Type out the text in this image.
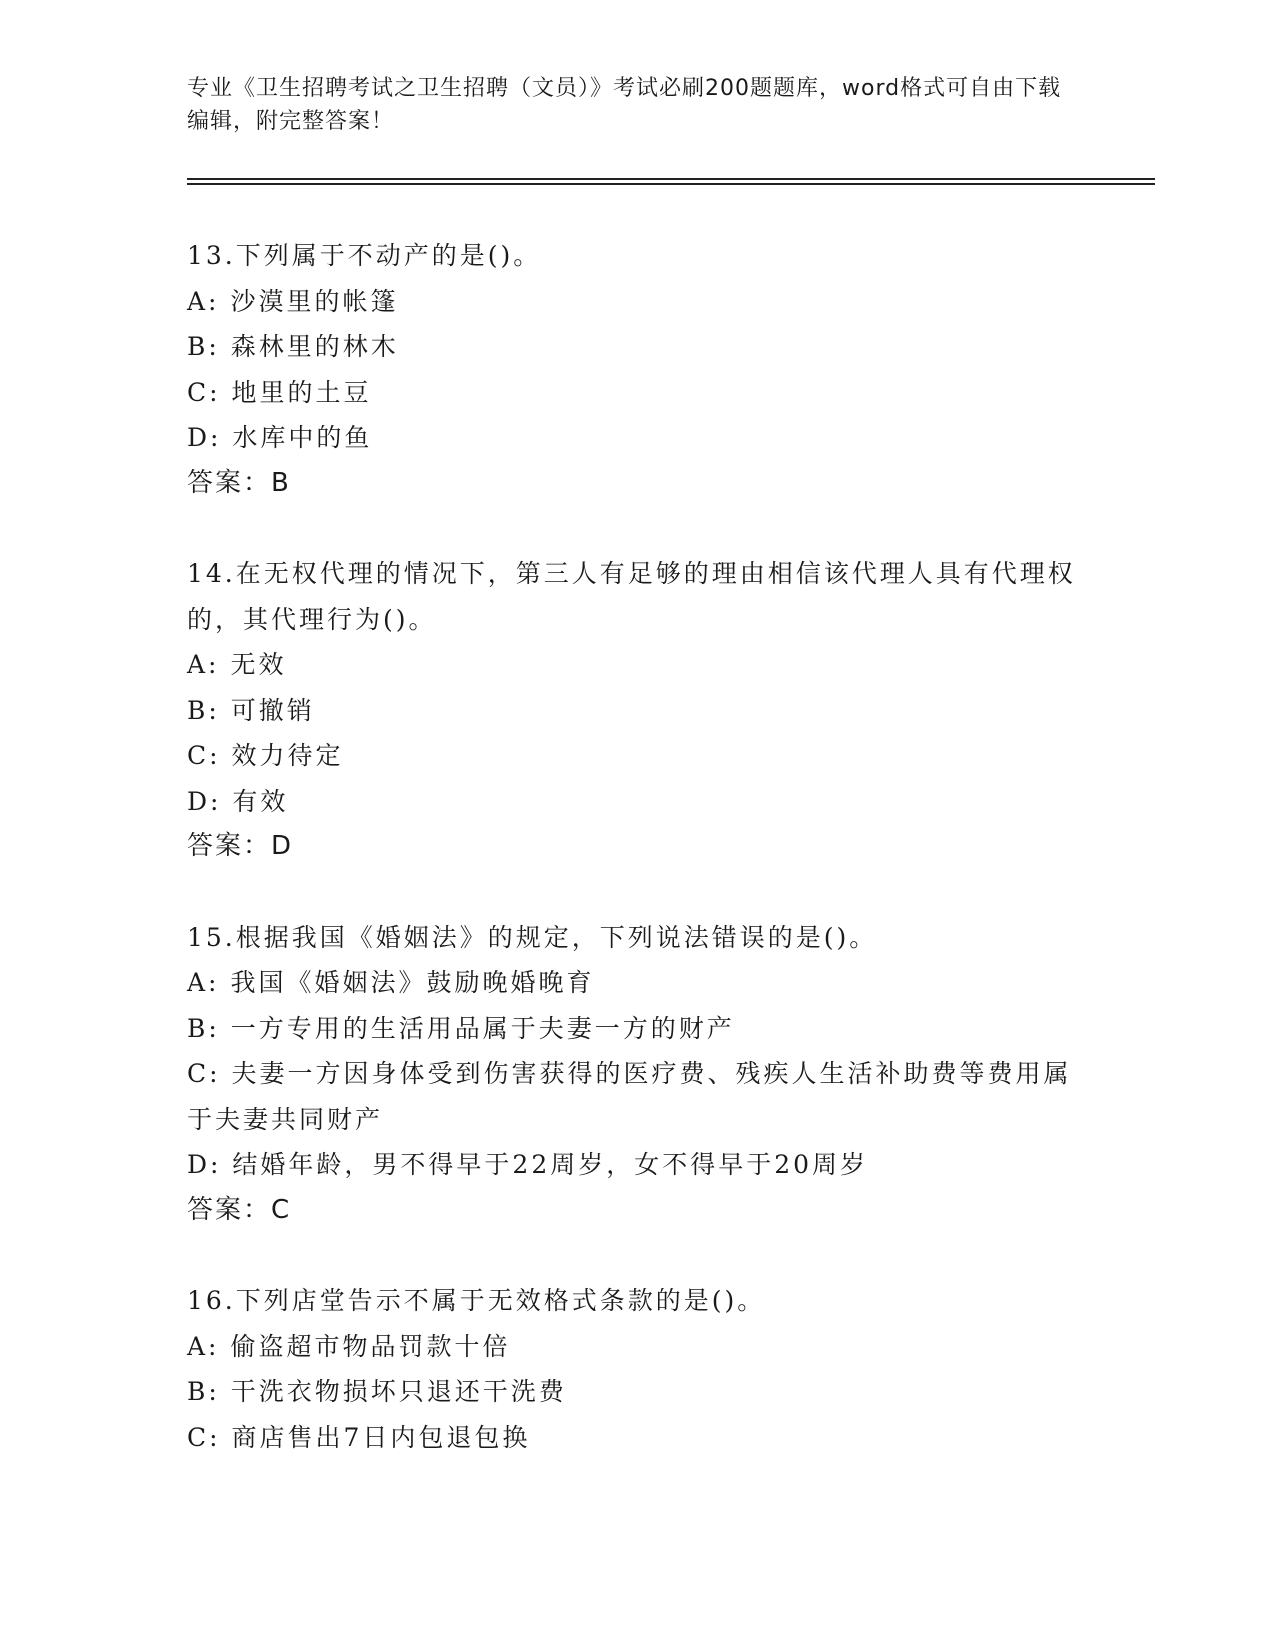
专业《卫生招聘考试之卫生招聘（文员）》考试必刷200题题库，word格式可自由下载编辑，附完整答案！

13.下列属于不动产的是()。

A: 沙漠里的帐篷

B: 森林里的林木

C: 地里的土豆

D: 水库中的鱼

答案：B

14.在无权代理的情况下，第三人有足够的理由相信该代理人具有代理权的，其代理行为()。

A: 无效

B: 可撤销

C: 效力待定

D: 有效

答案：D

15.根据我国《婚姻法》的规定，下列说法错误的是()。

A: 我国《婚姻法》鼓励晚婚晚育

B: 一方专用的生活用品属于夫妻一方的财产

C: 夫妻一方因身体受到伤害获得的医疗费、残疾人生活补助费等费用属于夫妻共同财产

D: 结婚年龄，男不得早于22周岁，女不得早于20周岁

答案：C

16.下列店堂告示不属于无效格式条款的是()。

A: 偷盗超市物品罚款十倍

B: 干洗衣物损坏只退还干洗费

C: 商店售出7日内包退包换
